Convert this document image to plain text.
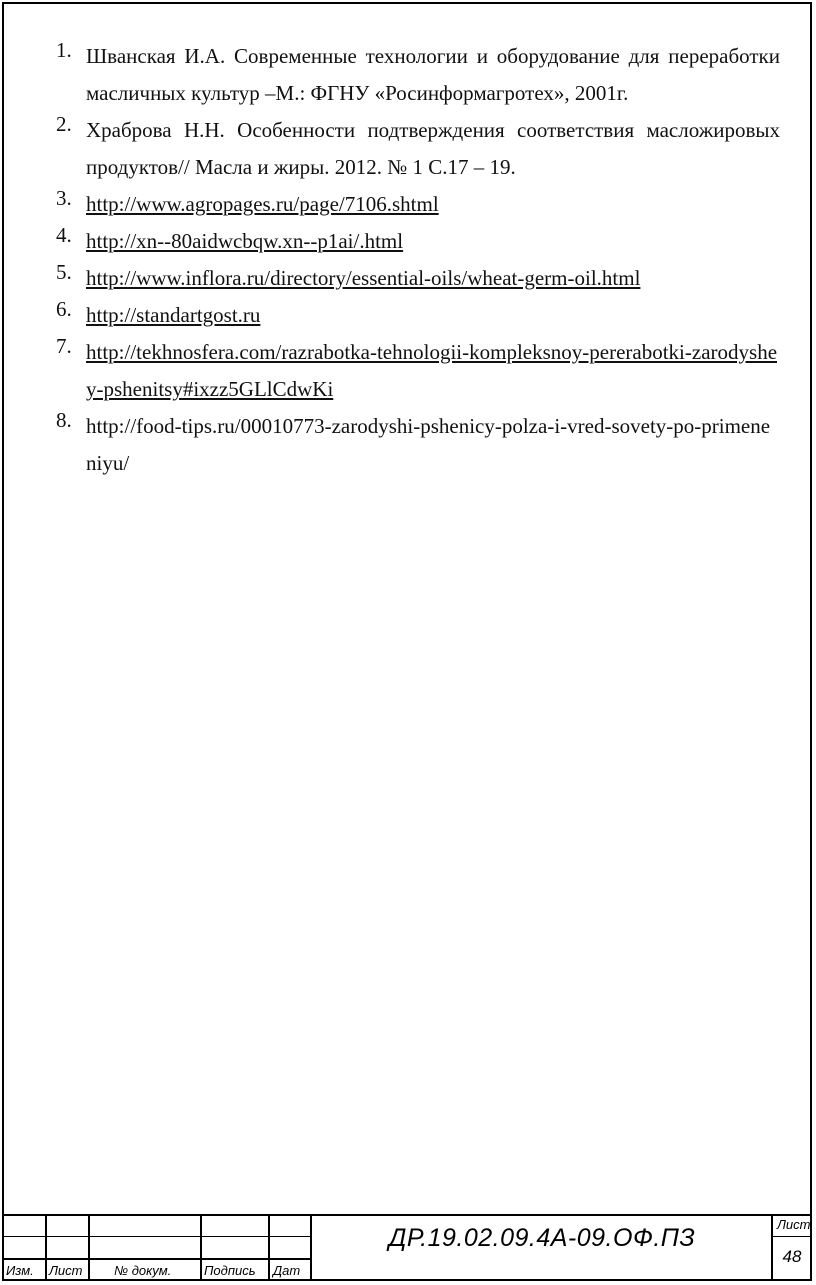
1. Шванская И.А. Современные технологии и оборудование для переработки масличных культур –М.: ФГНУ «Росинформагротех», 2001г.
2. Храброва Н.Н. Особенности подтверждения соответствия масложировых продуктов// Масла и жиры. 2012. № 1 С.17 – 19.
3. http://www.agropages.ru/page/7106.shtml
4. http://xn--80aidwcbqw.xn--p1ai/.html
5. http://www.inflora.ru/directory/essential-oils/wheat-germ-oil.html
6. http://standartgost.ru
7. http://tekhnosfera.com/razrabotka-tehnologii-kompleksnoy-pererabotki-zarodyshey-pshenitsy#ixzz5GLlCdwKi
8. http://food-tips.ru/00010773-zarodyshi-pshenicy-polza-i-vred-sovety-po-primeneniyu/
Изм. Лист № докум.	Подпись Дат
ДР.19.02.09.4А-09.ОФ.ПЗ	Лист
48
